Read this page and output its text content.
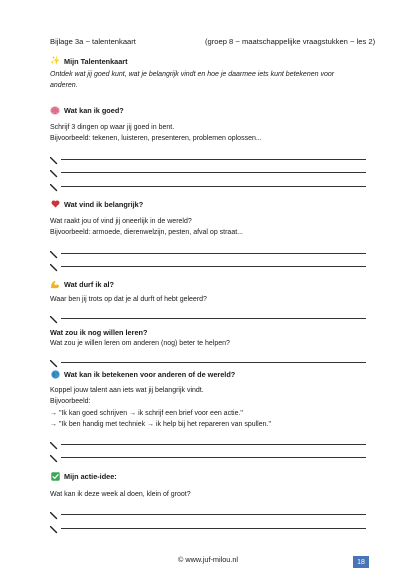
Bijlage 3a ~ talentenkaart	(groep 8 ~ maatschappelijke vraagstukken ~ les 2)
✨ Mijn Talentenkaart
Ontdek wat jij goed kunt, wat je belangrijk vindt en hoe je daarmee iets kunt betekenen voor
anderen.
Wat kan ik goed?
Schrijf 3 dingen op waar jij goed in bent.
Bijvoorbeeld: tekenen, luisteren, presenteren, problemen oplossen...
Wat vind ik belangrijk?
Wat raakt jou of vind jij oneerlijk in de wereld?
Bijvoorbeeld: armoede, dierenwelzijn, pesten, afval op straat...
Wat durf ik al?
Waar ben jij trots op dat je al durft of hebt geleerd?
Wat zou ik nog willen leren?
Wat zou je willen leren om anderen (nog) beter te helpen?
Wat kan ik betekenen voor anderen of de wereld?
Koppel jouw talent aan iets wat jij belangrijk vindt.
Bijvoorbeeld:
→ "Ik kan goed schrijven → ik schrijf een brief voor een actie."
→ "Ik ben handig met techniek → ik help bij het repareren van spullen."
Mijn actie-idee:
Wat kan ik deze week al doen, klein of groot?
© www.juf-milou.nl	18
